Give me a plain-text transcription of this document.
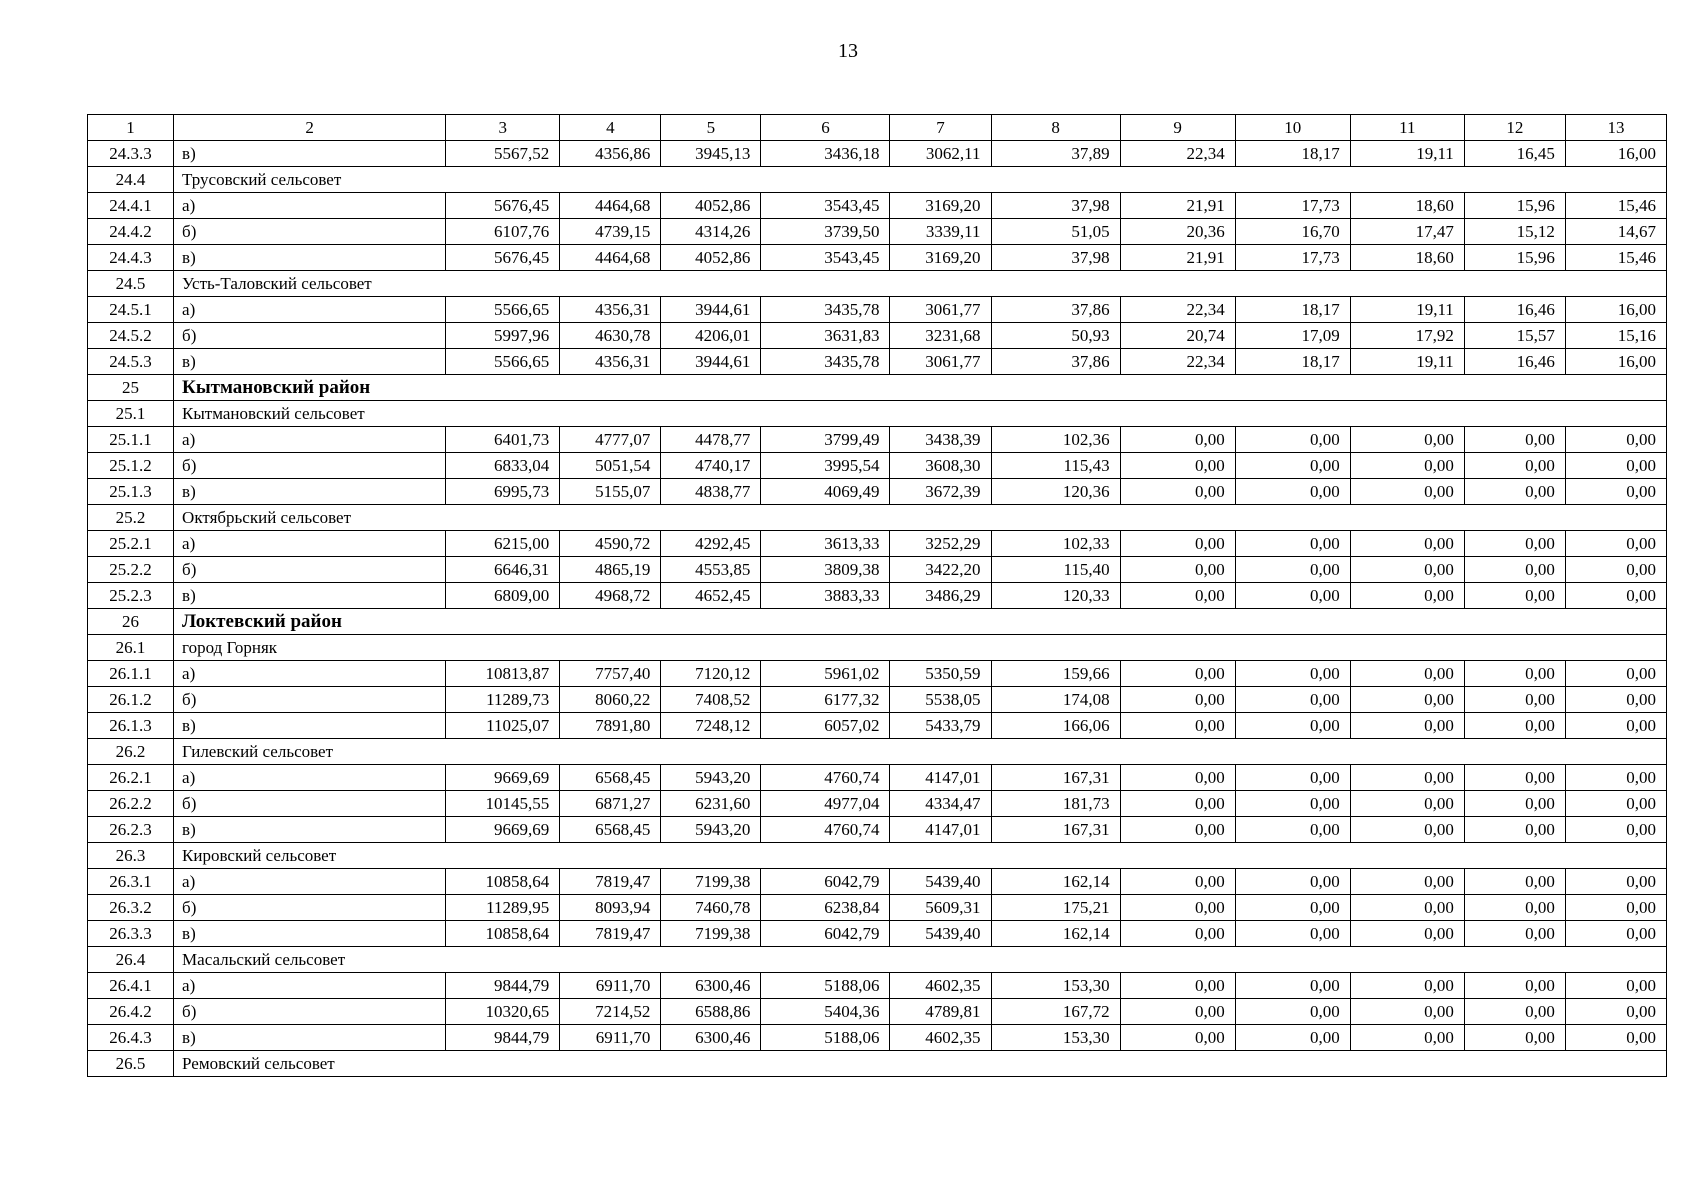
13
1	2	3	4	5	6	7	8	9	10	11	12	13
24.3.3	в)	5567,52	4356,86	3945,13	3436,18	3062,11	37,89	22,34	18,17	19,11	16,45	16,00
24.4	Трусовский сельсовет											
24.4.1	а)	5676,45	4464,68	4052,86	3543,45	3169,20	37,98	21,91	17,73	18,60	15,96	15,46
24.4.2	б)	6107,76	4739,15	4314,26	3739,50	3339,11	51,05	20,36	16,70	17,47	15,12	14,67
24.4.3	в)	5676,45	4464,68	4052,86	3543,45	3169,20	37,98	21,91	17,73	18,60	15,96	15,46
24.5	Усть-Таловский сельсовет											
24.5.1	а)	5566,65	4356,31	3944,61	3435,78	3061,77	37,86	22,34	18,17	19,11	16,46	16,00
24.5.2	б)	5997,96	4630,78	4206,01	3631,83	3231,68	50,93	20,74	17,09	17,92	15,57	15,16
24.5.3	в)	5566,65	4356,31	3944,61	3435,78	3061,77	37,86	22,34	18,17	19,11	16,46	16,00
25	Кытмановский район											
25.1	Кытмановский сельсовет											
25.1.1	а)	6401,73	4777,07	4478,77	3799,49	3438,39	102,36	0,00	0,00	0,00	0,00	0,00
25.1.2	б)	6833,04	5051,54	4740,17	3995,54	3608,30	115,43	0,00	0,00	0,00	0,00	0,00
25.1.3	в)	6995,73	5155,07	4838,77	4069,49	3672,39	120,36	0,00	0,00	0,00	0,00	0,00
25.2	Октябрьский сельсовет											
25.2.1	а)	6215,00	4590,72	4292,45	3613,33	3252,29	102,33	0,00	0,00	0,00	0,00	0,00
25.2.2	б)	6646,31	4865,19	4553,85	3809,38	3422,20	115,40	0,00	0,00	0,00	0,00	0,00
25.2.3	в)	6809,00	4968,72	4652,45	3883,33	3486,29	120,33	0,00	0,00	0,00	0,00	0,00
26	Локтевский район											
26.1	город Горняк											
26.1.1	а)	10813,87	7757,40	7120,12	5961,02	5350,59	159,66	0,00	0,00	0,00	0,00	0,00
26.1.2	б)	11289,73	8060,22	7408,52	6177,32	5538,05	174,08	0,00	0,00	0,00	0,00	0,00
26.1.3	в)	11025,07	7891,80	7248,12	6057,02	5433,79	166,06	0,00	0,00	0,00	0,00	0,00
26.2	Гилевский сельсовет											
26.2.1	а)	9669,69	6568,45	5943,20	4760,74	4147,01	167,31	0,00	0,00	0,00	0,00	0,00
26.2.2	б)	10145,55	6871,27	6231,60	4977,04	4334,47	181,73	0,00	0,00	0,00	0,00	0,00
26.2.3	в)	9669,69	6568,45	5943,20	4760,74	4147,01	167,31	0,00	0,00	0,00	0,00	0,00
26.3	Кировский сельсовет											
26.3.1	а)	10858,64	7819,47	7199,38	6042,79	5439,40	162,14	0,00	0,00	0,00	0,00	0,00
26.3.2	б)	11289,95	8093,94	7460,78	6238,84	5609,31	175,21	0,00	0,00	0,00	0,00	0,00
26.3.3	в)	10858,64	7819,47	7199,38	6042,79	5439,40	162,14	0,00	0,00	0,00	0,00	0,00
26.4	Масальский сельсовет											
26.4.1	а)	9844,79	6911,70	6300,46	5188,06	4602,35	153,30	0,00	0,00	0,00	0,00	0,00
26.4.2	б)	10320,65	7214,52	6588,86	5404,36	4789,81	167,72	0,00	0,00	0,00	0,00	0,00
26.4.3	в)	9844,79	6911,70	6300,46	5188,06	4602,35	153,30	0,00	0,00	0,00	0,00	0,00
26.5	Ремовский сельсовет											
